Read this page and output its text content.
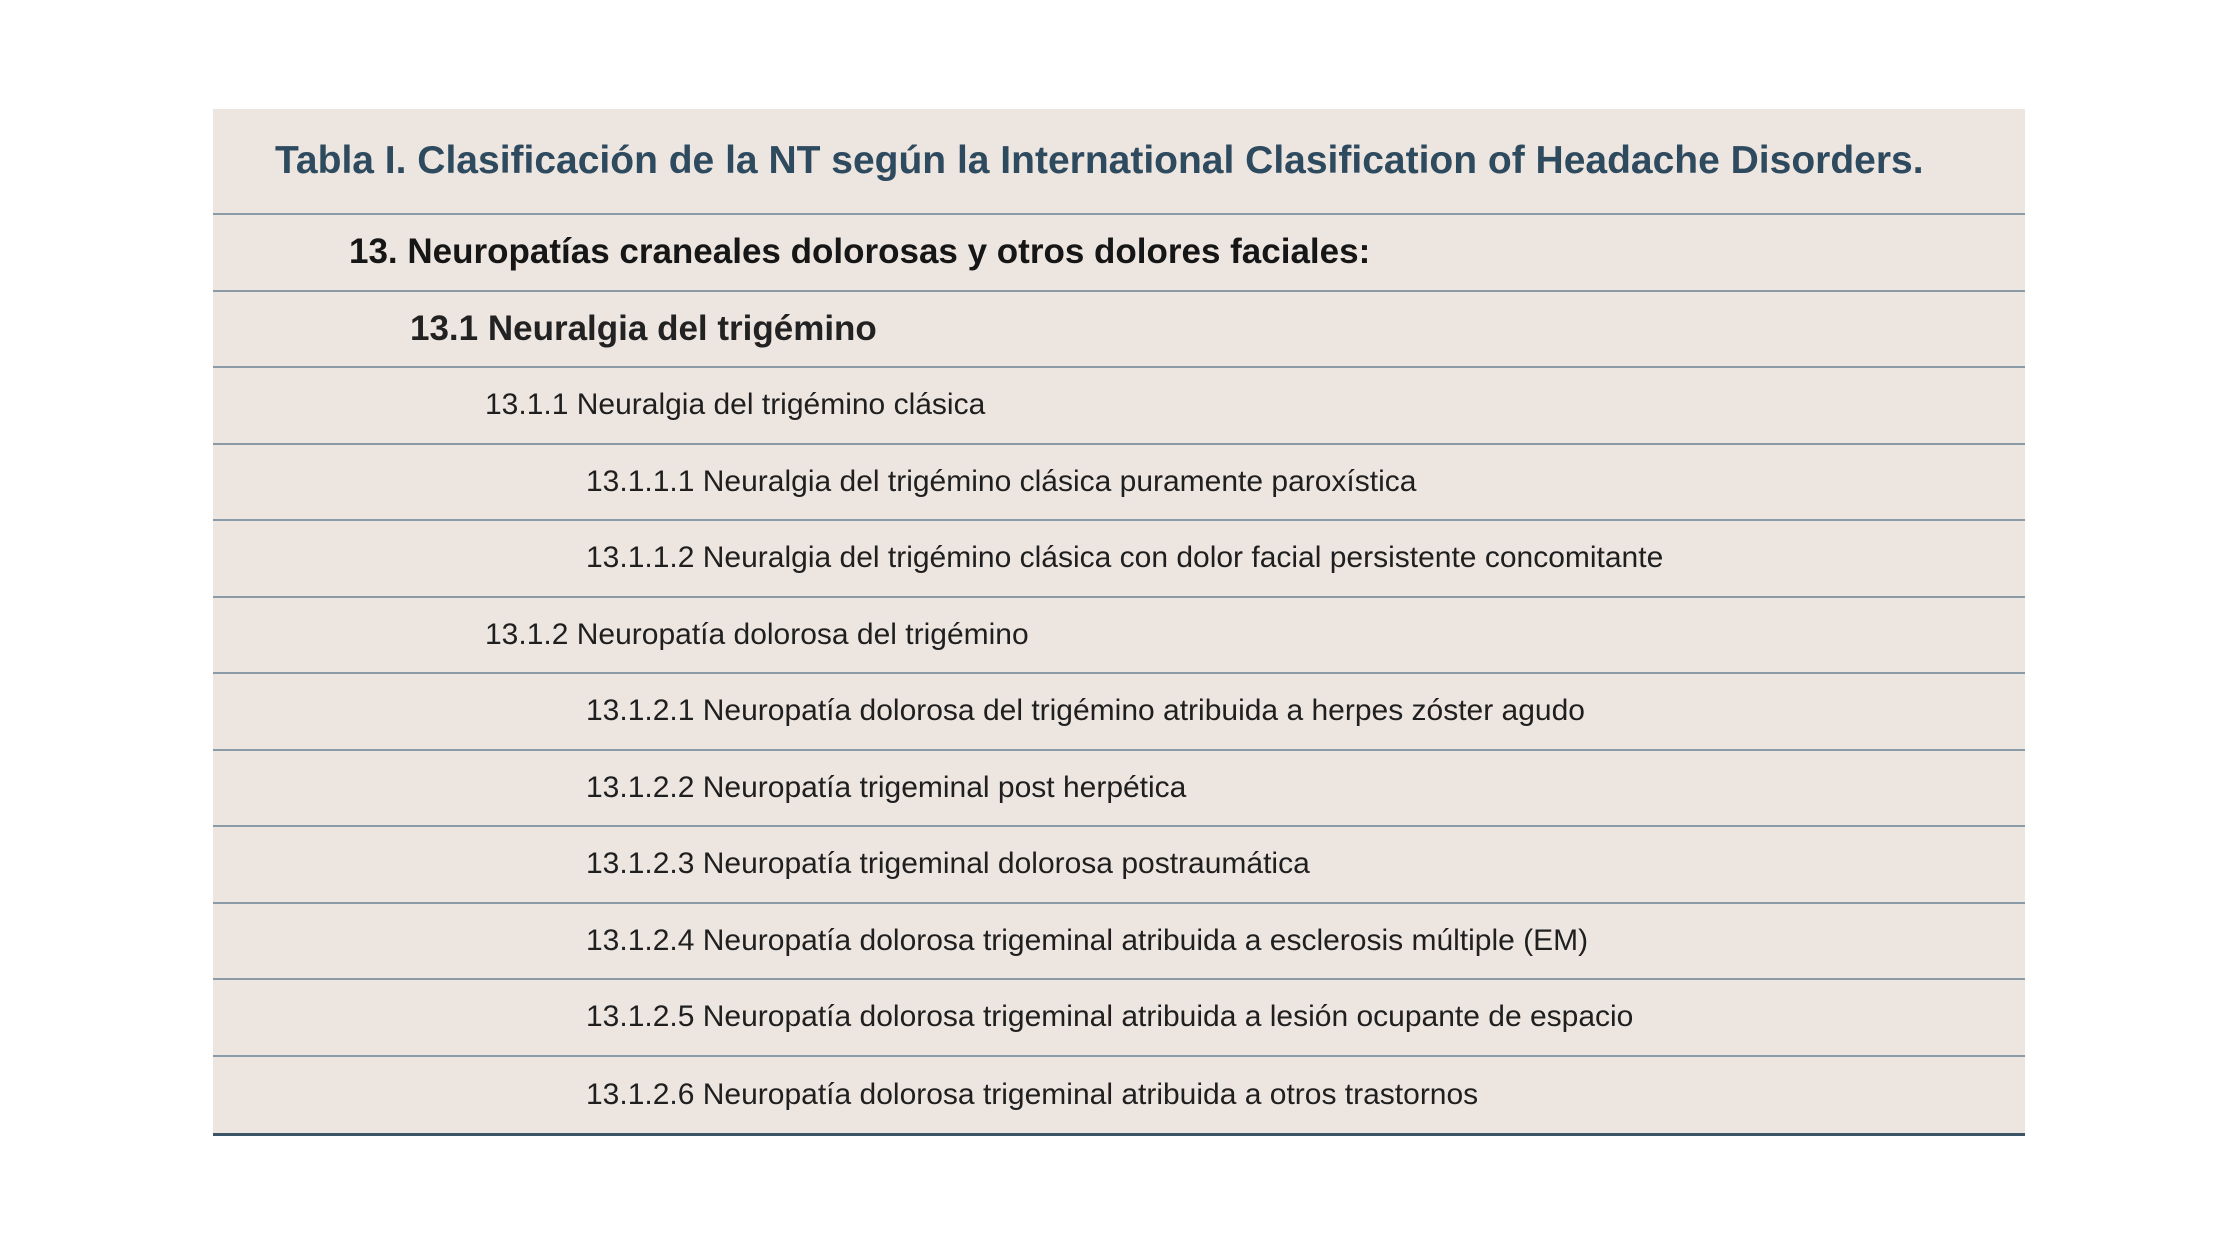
Tabla I. Clasificación de la NT según la International Clasification of Headache Disorders.
13. Neuropatías craneales dolorosas y otros dolores faciales:
13.1 Neuralgia del trigémino
13.1.1 Neuralgia del trigémino clásica
13.1.1.1 Neuralgia del trigémino clásica puramente paroxística
13.1.1.2 Neuralgia del trigémino clásica con dolor facial persistente concomitante
13.1.2 Neuropatía dolorosa del trigémino
13.1.2.1 Neuropatía dolorosa del trigémino atribuida a herpes zóster agudo
13.1.2.2 Neuropatía trigeminal post herpética
13.1.2.3 Neuropatía trigeminal dolorosa postraumática
13.1.2.4 Neuropatía dolorosa trigeminal atribuida a esclerosis múltiple (EM)
13.1.2.5 Neuropatía dolorosa trigeminal atribuida a lesión ocupante de espacio
13.1.2.6 Neuropatía dolorosa trigeminal atribuida a otros trastornos
